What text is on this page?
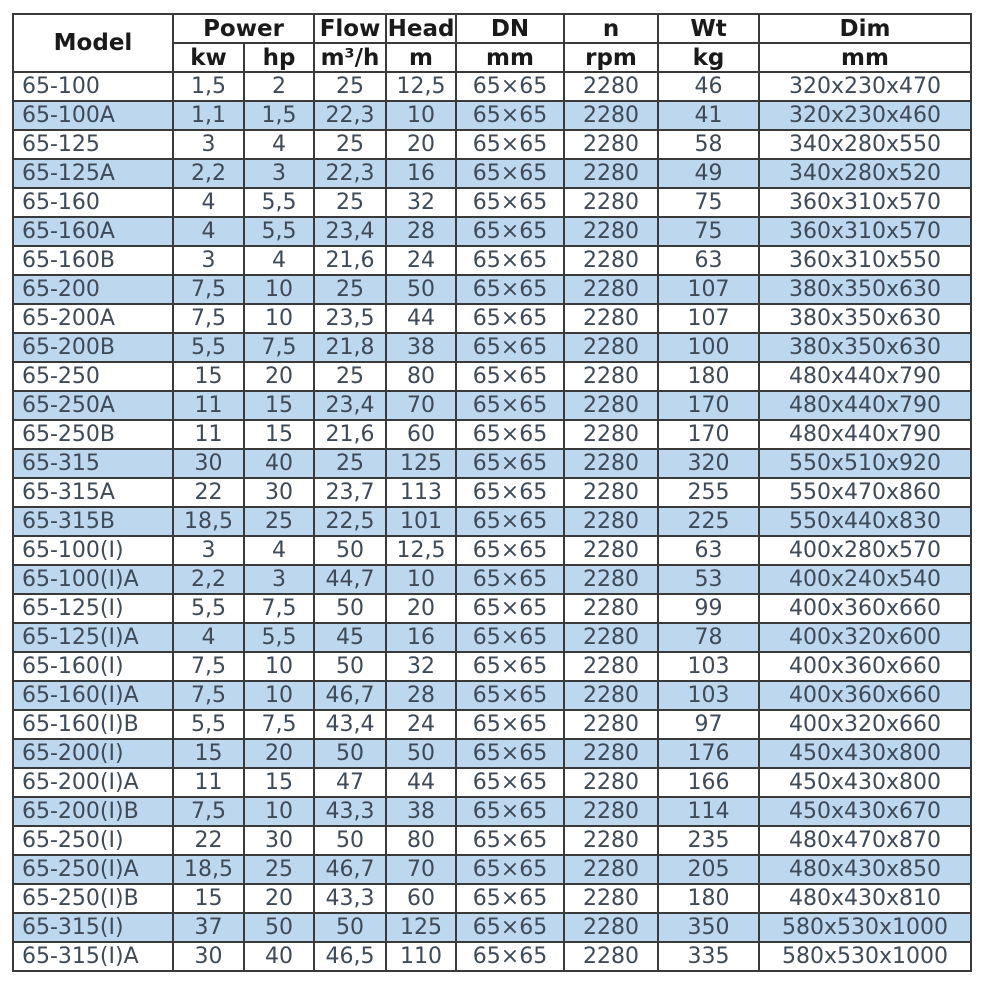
Model	Power		Flow	Head	DN	n	Wt	Dim
	kw	hp	m³/h	m	mm	rpm	kg	mm
65-100	1,5	2	25	12,5	65×65	2280	46	320x230x470
65-100A	1,1	1,5	22,3	10	65×65	2280	41	320x230x460
65-125	3	4	25	20	65×65	2280	58	340x280x550
65-125A	2,2	3	22,3	16	65×65	2280	49	340x280x520
65-160	4	5,5	25	32	65×65	2280	75	360x310x570
65-160A	4	5,5	23,4	28	65×65	2280	75	360x310x570
65-160B	3	4	21,6	24	65×65	2280	63	360x310x550
65-200	7,5	10	25	50	65×65	2280	107	380x350x630
65-200A	7,5	10	23,5	44	65×65	2280	107	380x350x630
65-200B	5,5	7,5	21,8	38	65×65	2280	100	380x350x630
65-250	15	20	25	80	65×65	2280	180	480x440x790
65-250A	11	15	23,4	70	65×65	2280	170	480x440x790
65-250B	11	15	21,6	60	65×65	2280	170	480x440x790
65-315	30	40	25	125	65×65	2280	320	550x510x920
65-315A	22	30	23,7	113	65×65	2280	255	550x470x860
65-315B	18,5	25	22,5	101	65×65	2280	225	550x440x830
65-100(I)	3	4	50	12,5	65×65	2280	63	400x280x570
65-100(I)A	2,2	3	44,7	10	65×65	2280	53	400x240x540
65-125(I)	5,5	7,5	50	20	65×65	2280	99	400x360x660
65-125(I)A	4	5,5	45	16	65×65	2280	78	400x320x600
65-160(I)	7,5	10	50	32	65×65	2280	103	400x360x660
65-160(I)A	7,5	10	46,7	28	65×65	2280	103	400x360x660
65-160(I)B	5,5	7,5	43,4	24	65×65	2280	97	400x320x660
65-200(I)	15	20	50	50	65×65	2280	176	450x430x800
65-200(I)A	11	15	47	44	65×65	2280	166	450x430x800
65-200(I)B	7,5	10	43,3	38	65×65	2280	114	450x430x670
65-250(I)	22	30	50	80	65×65	2280	235	480x470x870
65-250(I)A	18,5	25	46,7	70	65×65	2280	205	480x430x850
65-250(I)B	15	20	43,3	60	65×65	2280	180	480x430x810
65-315(I)	37	50	50	125	65×65	2280	350	580x530x1000
65-315(I)A	30	40	46,5	110	65×65	2280	335	580x530x1000
